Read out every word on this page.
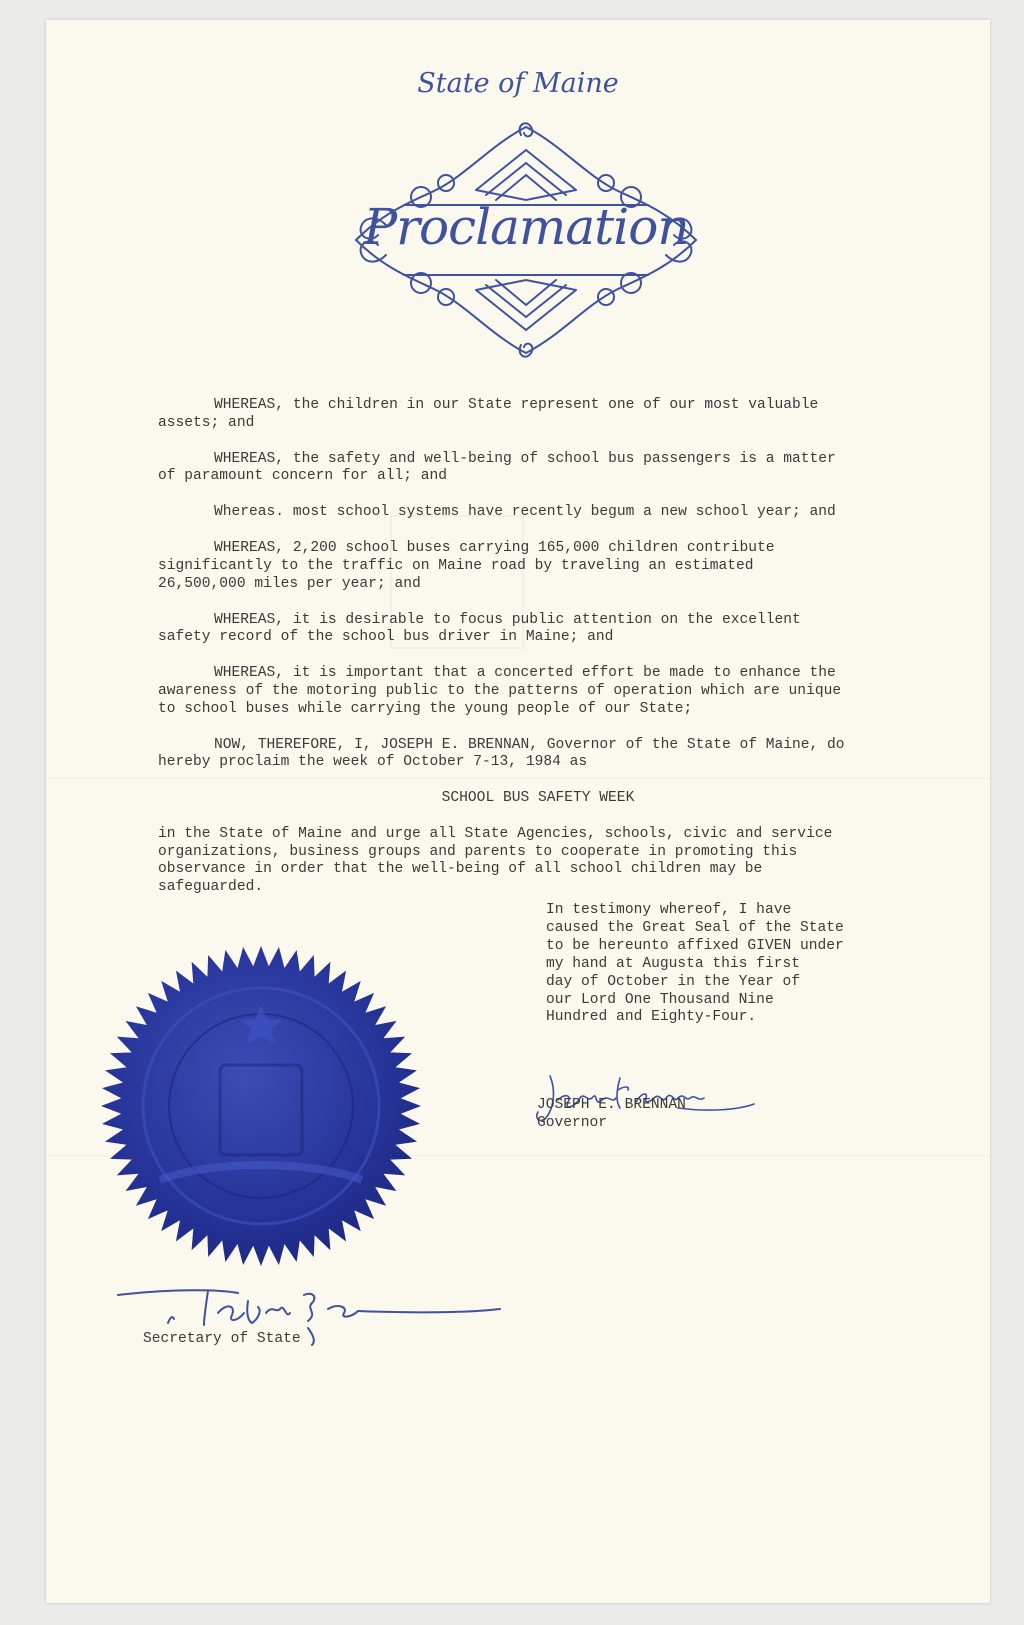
State of Maine
Proclamation

WHEREAS, the children in our State represent one of our most valuable
assets; and

WHEREAS, the safety and well-being of school bus passengers is a matter
of paramount concern for all; and

Whereas. most school systems have recently begum a new school year; and

WHEREAS, 2,200 school buses carrying 165,000 children contribute
significantly to the traffic on Maine road by traveling an estimated
26,500,000 miles per year; and

WHEREAS, it is desirable to focus public attention on the excellent
safety record of the school bus driver in Maine; and

WHEREAS, it is important that a concerted effort be made to enhance the
awareness of the motoring public to the patterns of operation which are unique
to school buses while carrying the young people of our State;

NOW, THEREFORE, I, JOSEPH E. BRENNAN, Governor of the State of Maine, do
hereby proclaim the week of October 7-13, 1984 as

SCHOOL BUS SAFETY WEEK

in the State of Maine and urge all State Agencies, schools, civic and service
organizations, business groups and parents to cooperate in promoting this
observance in order that the well-being of all school children may be
safeguarded.

In testimony whereof, I have
caused the Great Seal of the State
to be hereunto affixed GIVEN under
my hand at Augusta this first
day of October in the Year of
our Lord One Thousand Nine
Hundred and Eighty-Four.

JOSEPH E. BRENNAN

Governor

Secretary of State
